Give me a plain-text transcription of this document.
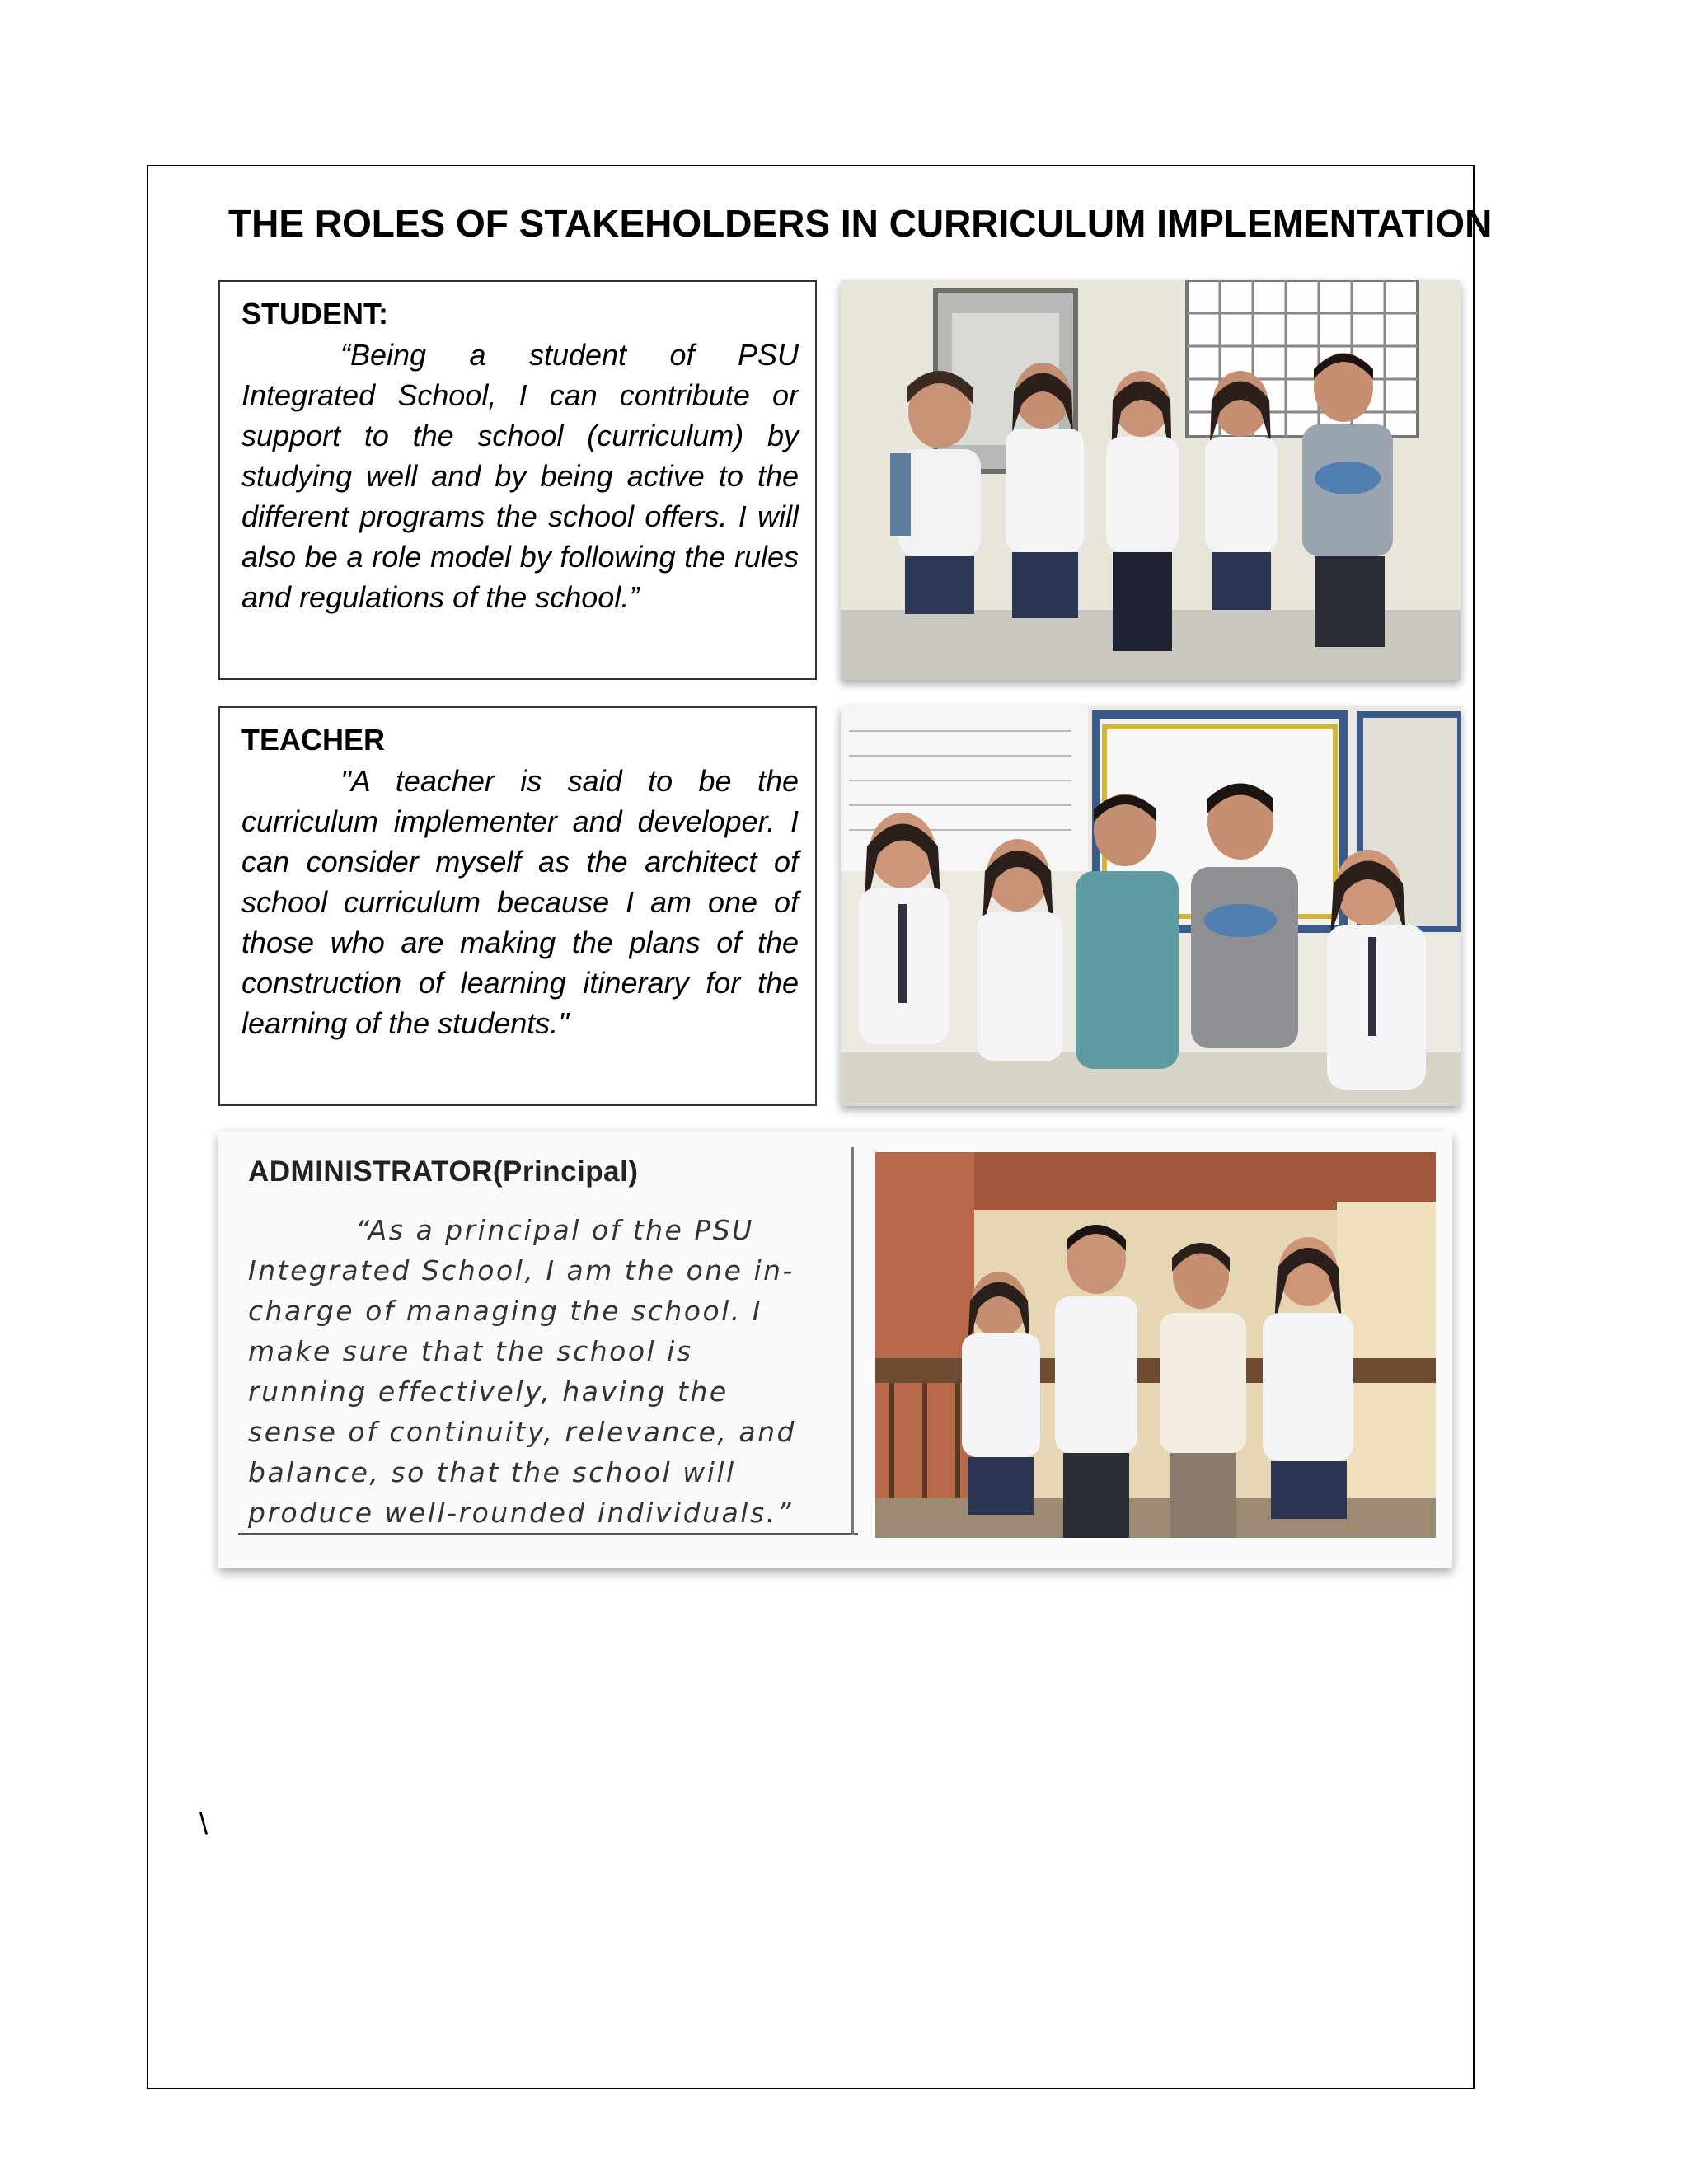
THE ROLES OF STAKEHOLDERS IN CURRICULUM IMPLEMENTATION
STUDENT:

“Being a student of PSU Integrated School, I can contribute or support to the school (curriculum) by studying well and by being active to the different programs the school offers. I will also be a role model by following the rules and regulations of the school.”

TEACHER

"A teacher is said to be the curriculum implementer and developer. I can consider myself as the architect of school curriculum because I am one of those who are making the plans of the construction of learning itinerary for the learning of the students."

ADMINISTRATOR(Principal)

“As a principal of the PSU Integrated School, I am the one in-charge of managing the school. I make sure that the school is running effectively, having the sense of continuity, relevance, and balance, so that the school will produce well-rounded individuals.”

\
